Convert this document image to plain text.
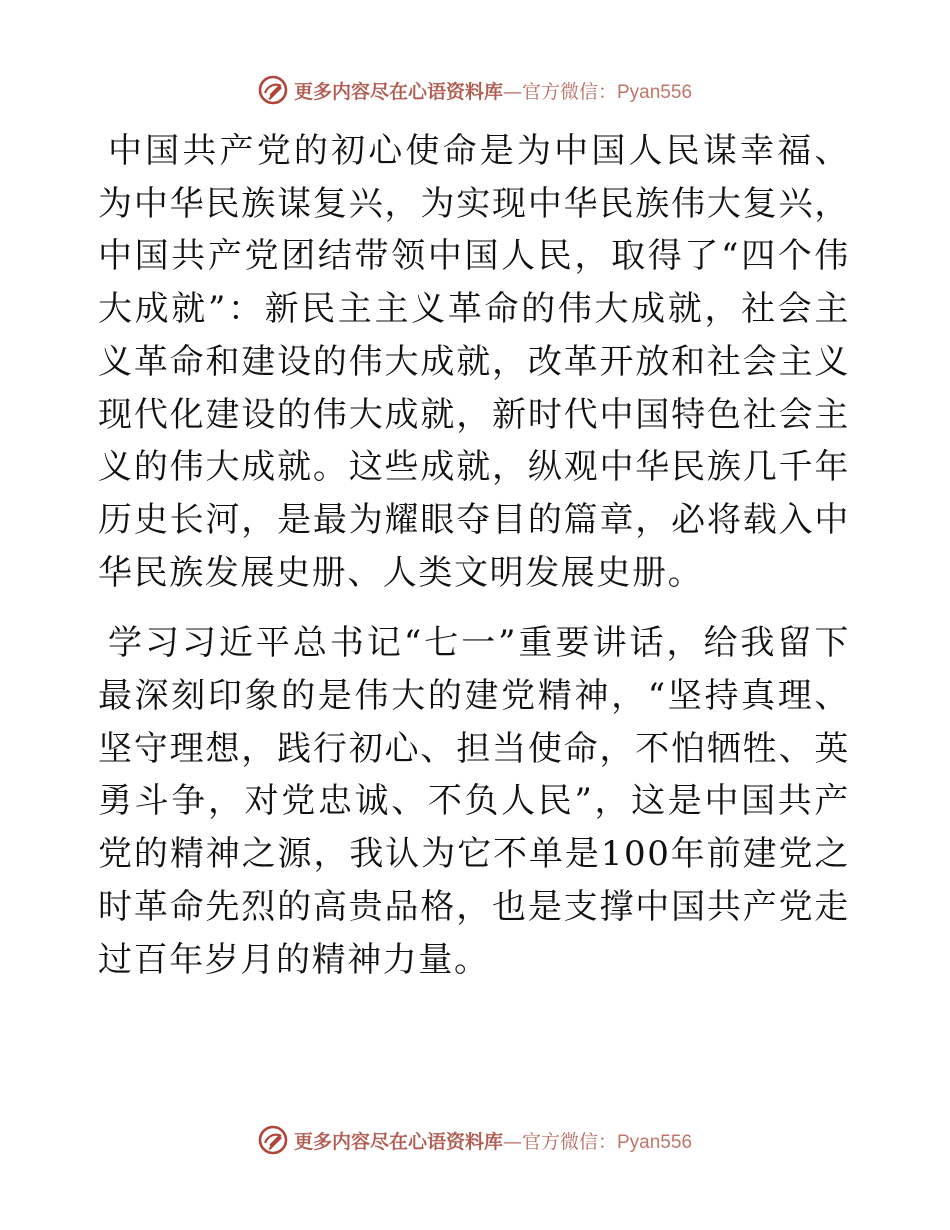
更多内容尽在心语资料库—官方微信：Pyan556

中国共产党的初心使命是为中国人民谋幸福、为中华民族谋复兴，为实现中华民族伟大复兴，中国共产党团结带领中国人民，取得了“四个伟大成就”：新民主主义革命的伟大成就，社会主义革命和建设的伟大成就，改革开放和社会主义现代化建设的伟大成就，新时代中国特色社会主义的伟大成就。这些成就，纵观中华民族几千年历史长河，是最为耀眼夺目的篇章，必将载入中华民族发展史册、人类文明发展史册。

学习习近平总书记“七一”重要讲话，给我留下最深刻印象的是伟大的建党精神，“坚持真理、坚守理想，践行初心、担当使命，不怕牺牲、英勇斗争，对党忠诚、不负人民”，这是中国共产党的精神之源，我认为它不单是100年前建党之时革命先烈的高贵品格，也是支撑中国共产党走过百年岁月的精神力量。

更多内容尽在心语资料库—官方微信：Pyan556
